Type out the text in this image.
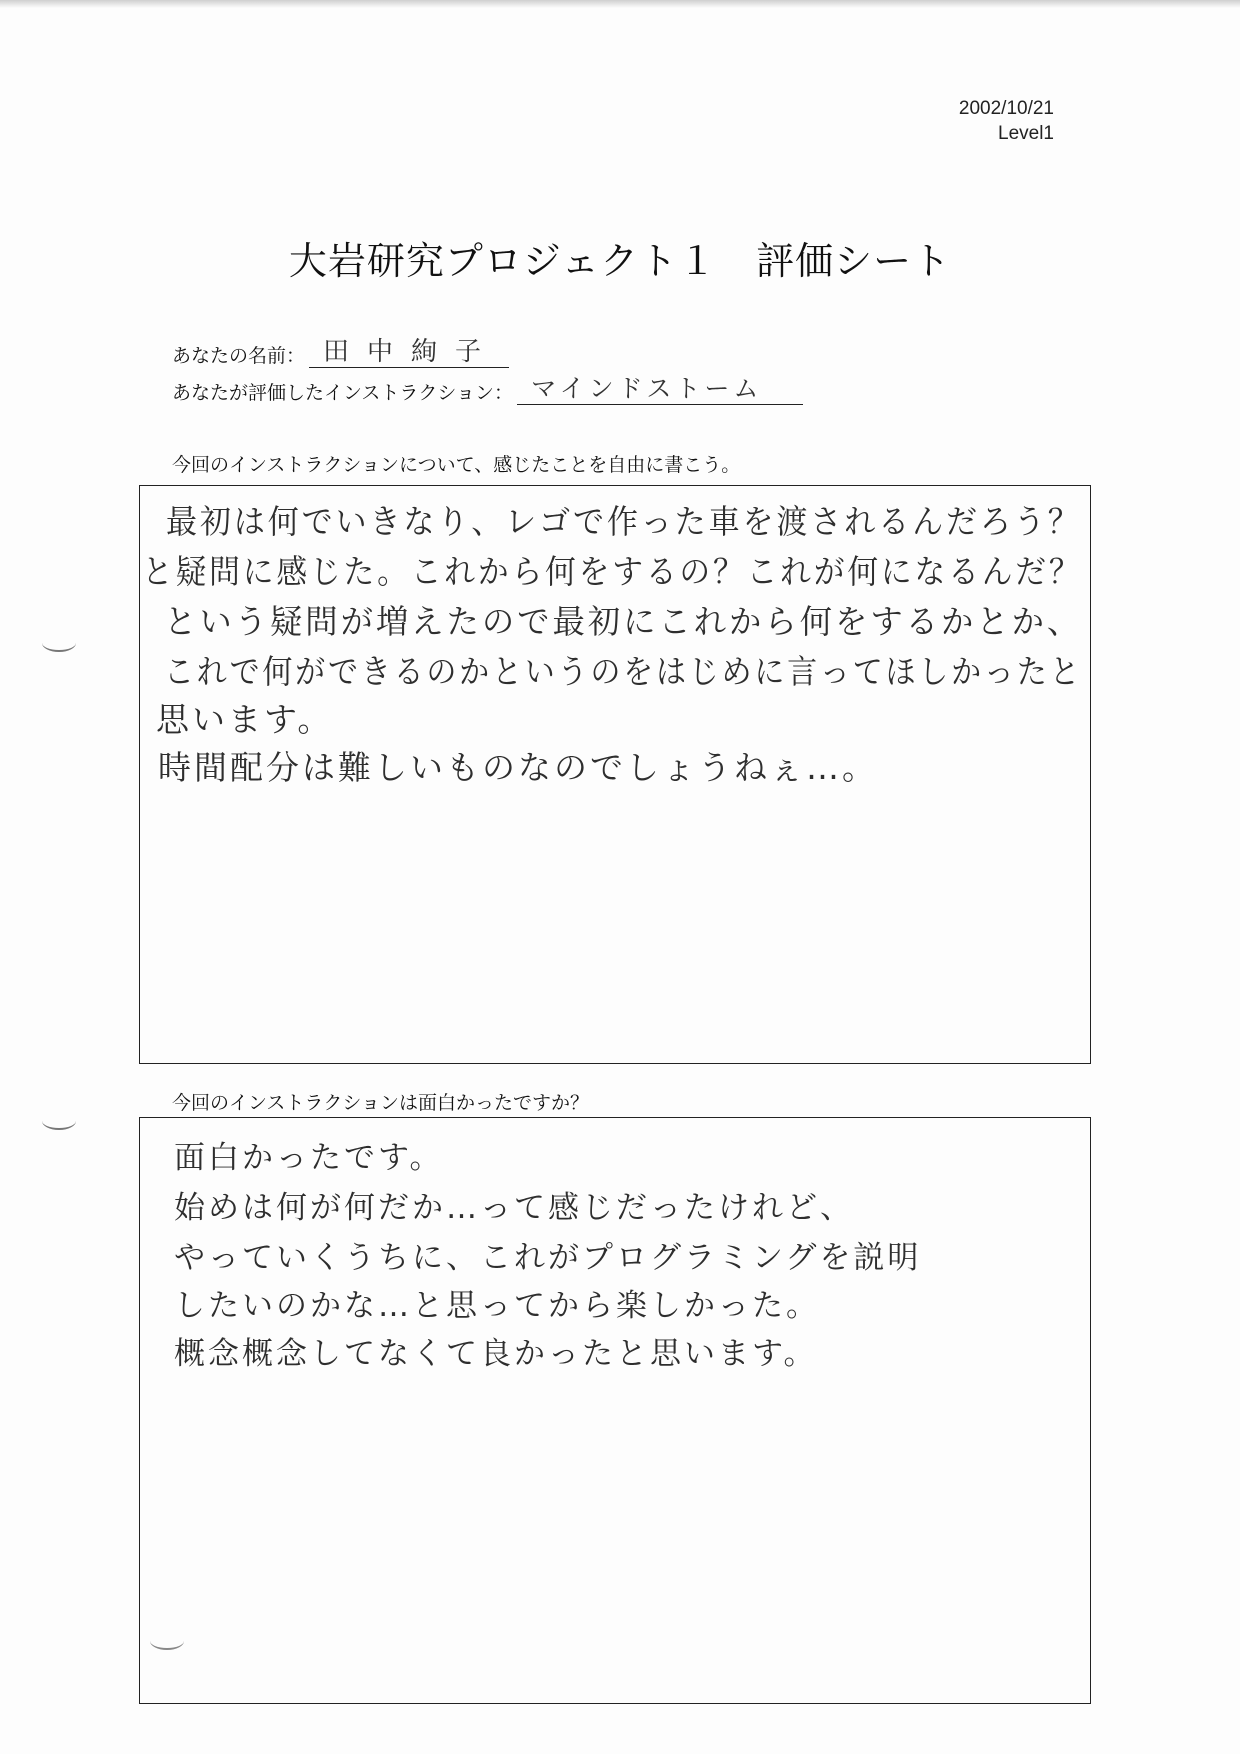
2002/10/21
Level1
大岩研究プロジェクト１　評価シート
あなたの名前： 田中絢子
あなたが評価したインストラクション： マインドストーム
今回のインストラクションについて、感じたことを自由に書こう。
最初は何でいきなり、レゴで作った車を渡されるんだろう？
と疑問に感じた。これから何をするの？これが何になるんだ？
という疑問が増えたので最初にこれから何をするかとか、
これで何ができるのかというのをはじめに言ってほしかったと
思います。
時間配分は難しいものなのでしょうねぇ…。
今回のインストラクションは面白かったですか？
面白かったです。
始めは何が何だか…って感じだったけれど、
やっていくうちに、これがプログラミングを説明
したいのかな…と思ってから楽しかった。
概念概念してなくて良かったと思います。
